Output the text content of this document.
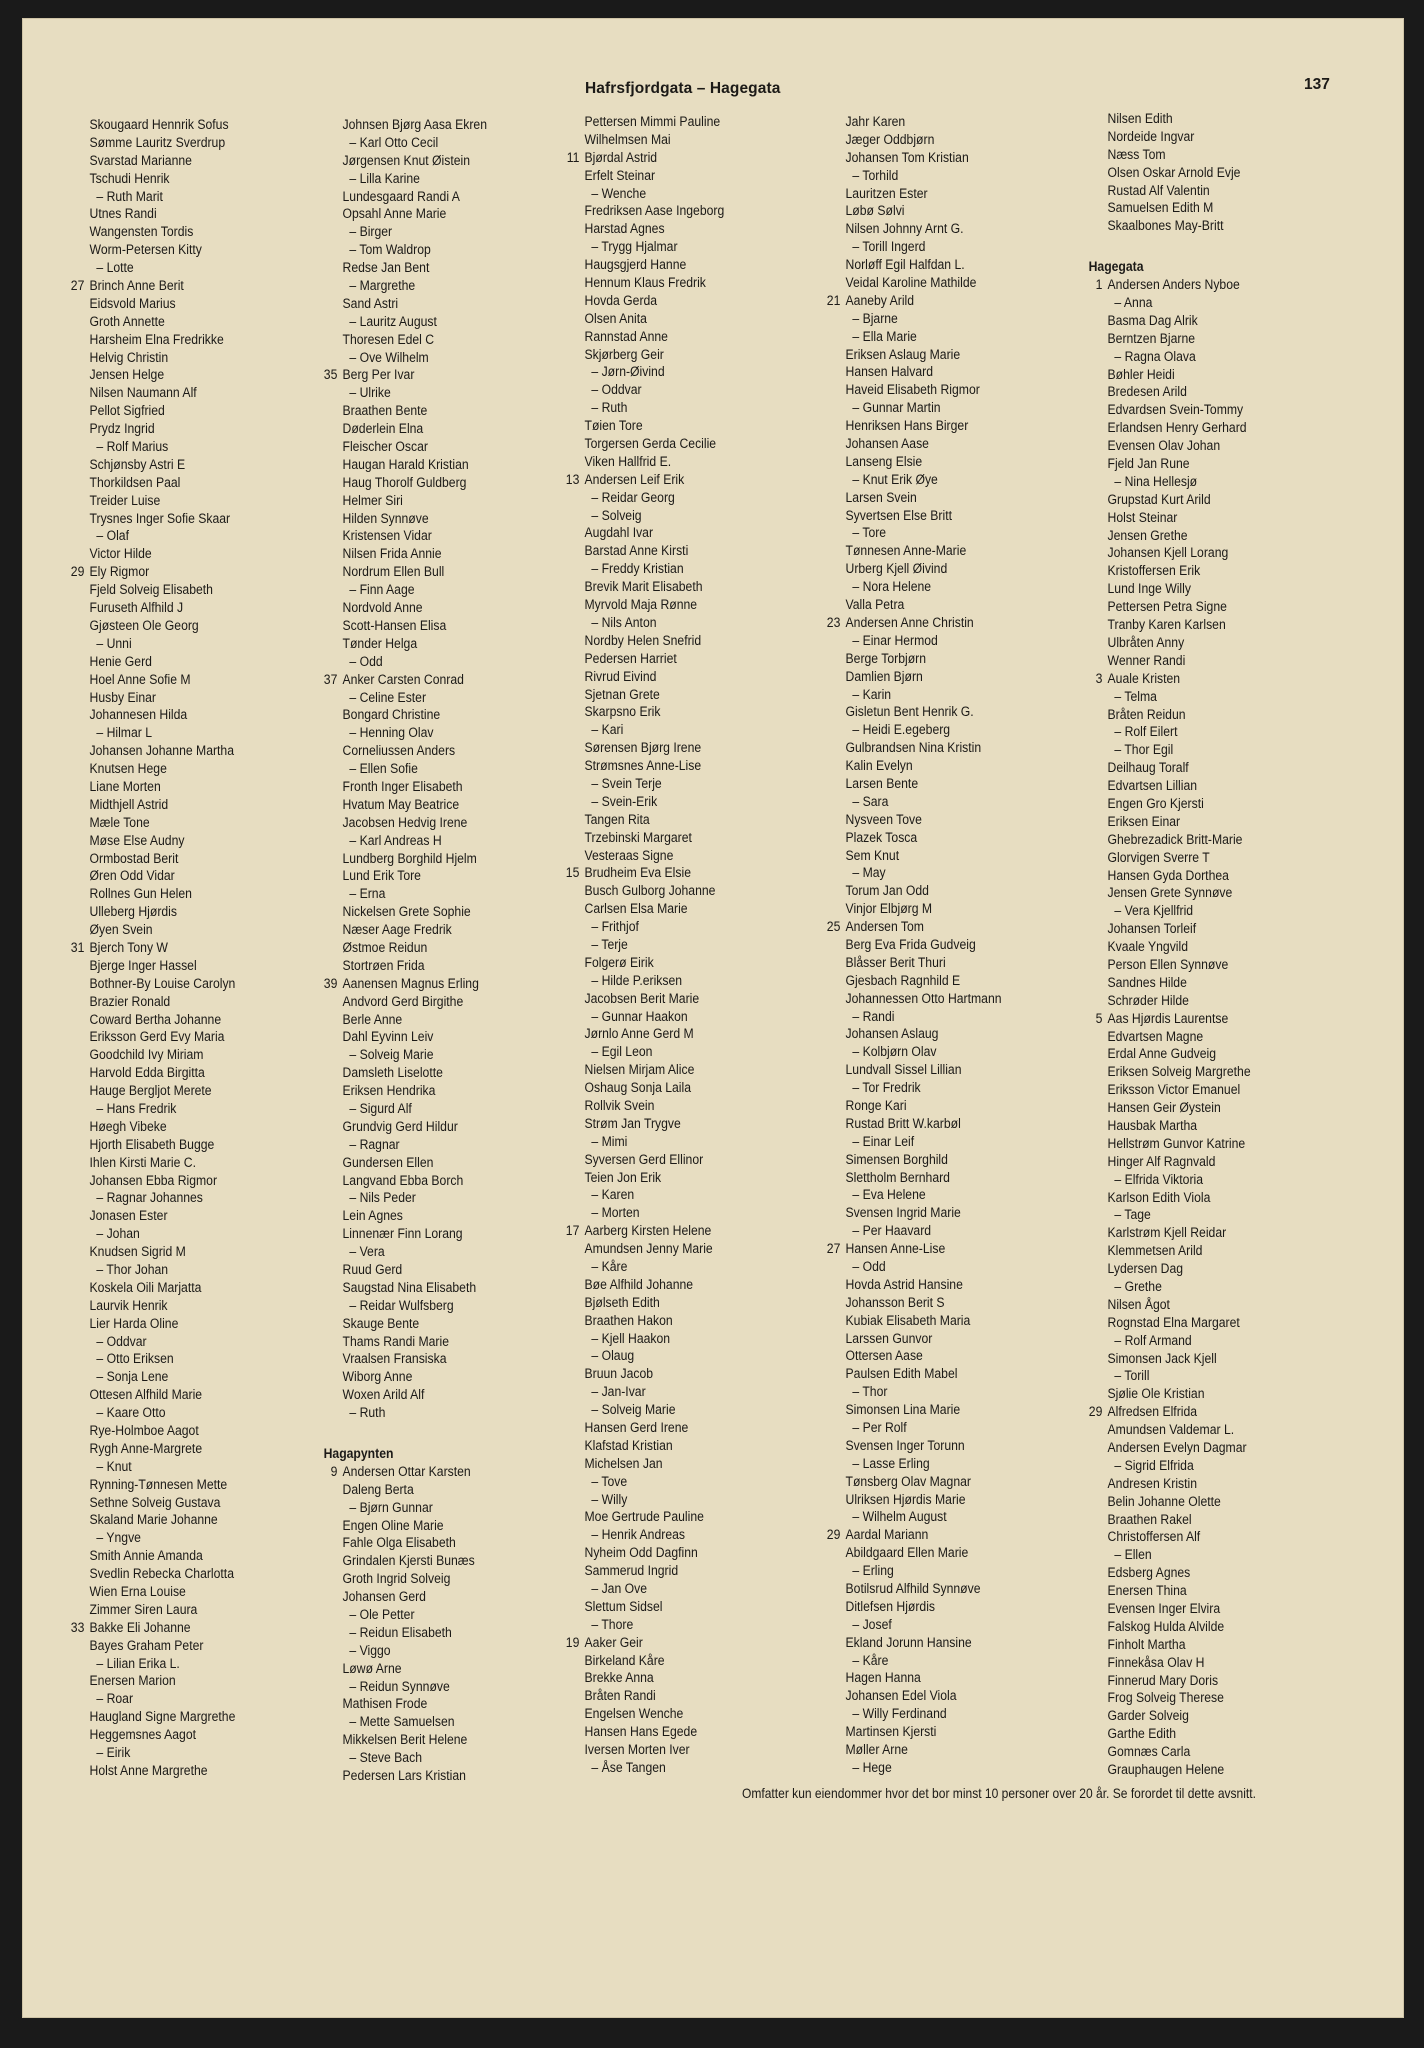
Hafrsfjordgata – Hagegata	137
Skougaard Hennrik Sofus
Sømme Lauritz Sverdrup
Svarstad Marianne
Tschudi Henrik
– Ruth Marit
Utnes Randi
Wangensten Tordis
Worm-Petersen Kitty
– Lotte
27 Brinch Anne Berit
Eidsvold Marius
Groth Annette
Harsheim Elna Fredrikke
Helvig Christin
Jensen Helge
Nilsen Naumann Alf
Pellot Sigfried
Prydz Ingrid
– Rolf Marius
Schjønsby Astri E
Thorkildsen Paal
Treider Luise
Trysnes Inger Sofie Skaar
– Olaf
Victor Hilde
29 Ely Rigmor
Fjeld Solveig Elisabeth
Furuseth Alfhild J
Gjøsteen Ole Georg
– Unni
Henie Gerd
Hoel Anne Sofie M
Husby Einar
Johannesen Hilda
– Hilmar L
Johansen Johanne Martha
Knutsen Hege
Liane Morten
Midthjell Astrid
Mæle Tone
Møse Else Audny
Ormbostad Berit
Øren Odd Vidar
Rollnes Gun Helen
Ulleberg Hjørdis
Øyen Svein
31 Bjerch Tony W
Bjerge Inger Hassel
Bothner-By Louise Carolyn
Brazier Ronald
Coward Bertha Johanne
Eriksson Gerd Evy Maria
Goodchild Ivy Miriam
Harvold Edda Birgitta
Hauge Bergljot Merete
– Hans Fredrik
Høegh Vibeke
Hjorth Elisabeth Bugge
Ihlen Kirsti Marie C.
Johansen Ebba Rigmor
– Ragnar Johannes
Jonasen Ester
– Johan
Knudsen Sigrid M
– Thor Johan
Koskela Oili Marjatta
Laurvik Henrik
Lier Harda Oline
– Oddvar
– Otto Eriksen
– Sonja Lene
Ottesen Alfhild Marie
– Kaare Otto
Rye-Holmboe Aagot
Rygh Anne-Margrete
– Knut
Rynning-Tønnesen Mette
Sethne Solveig Gustava
Skaland Marie Johanne
– Yngve
Smith Annie Amanda
Svedlin Rebecka Charlotta
Wien Erna Louise
Zimmer Siren Laura
33 Bakke Eli Johanne
Bayes Graham Peter
– Lilian Erika L.
Enersen Marion
– Roar
Haugland Signe Margrethe
Heggemsnes Aagot
– Eirik
Holst Anne Margrethe
Johnsen Bjørg Aasa Ekren
– Karl Otto Cecil
Jørgensen Knut Øistein
– Lilla Karine
Lundesgaard Randi A
Opsahl Anne Marie
– Birger
– Tom Waldrop
Redse Jan Bent
– Margrethe
Sand Astri
– Lauritz August
Thoresen Edel C
– Ove Wilhelm
35 Berg Per Ivar
– Ulrike
Braathen Bente
Døderlein Elna
Fleischer Oscar
Haugan Harald Kristian
Haug Thorolf Guldberg
Helmer Siri
Hilden Synnøve
Kristensen Vidar
Nilsen Frida Annie
Nordrum Ellen Bull
– Finn Aage
Nordvold Anne
Scott-Hansen Elisa
Tønder Helga
– Odd
37 Anker Carsten Conrad
– Celine Ester
Bongard Christine
– Henning Olav
Corneliussen Anders
– Ellen Sofie
Fronth Inger Elisabeth
Hvatum May Beatrice
Jacobsen Hedvig Irene
– Karl Andreas H
Lundberg Borghild Hjelm
Lund Erik Tore
– Erna
Nickelsen Grete Sophie
Næser Aage Fredrik
Østmoe Reidun
Stortrøen Frida
39 Aanensen Magnus Erling
Andvord Gerd Birgithe
Berle Anne
Dahl Eyvinn Leiv
– Solveig Marie
Damsleth Liselotte
Eriksen Hendrika
– Sigurd Alf
Grundvig Gerd Hildur
– Ragnar
Gundersen Ellen
Langvand Ebba Borch
– Nils Peder
Lein Agnes
Linnenær Finn Lorang
– Vera
Ruud Gerd
Saugstad Nina Elisabeth
– Reidar Wulfsberg
Skauge Bente
Thams Randi Marie
Vraalsen Fransiska
Wiborg Anne
Woxen Arild Alf
– Ruth
Hagapynten
9 Andersen Ottar Karsten
Daleng Berta
– Bjørn Gunnar
Engen Oline Marie
Fahle Olga Elisabeth
Grindalen Kjersti Bunæs
Groth Ingrid Solveig
Johansen Gerd
– Ole Petter
– Reidun Elisabeth
– Viggo
Løwø Arne
– Reidun Synnøve
Mathisen Frode
– Mette Samuelsen
Mikkelsen Berit Helene
– Steve Bach
Pedersen Lars Kristian
Pettersen Mimmi Pauline
Wilhelmsen Mai
11 Bjørdal Astrid
Erfelt Steinar
– Wenche
Fredriksen Aase Ingeborg
Harstad Agnes
– Trygg Hjalmar
Haugsgjerd Hanne
Hennum Klaus Fredrik
Hovda Gerda
Olsen Anita
Rannstad Anne
Skjørberg Geir
– Jørn-Øivind
– Oddvar
– Ruth
Tøien Tore
Torgersen Gerda Cecilie
Viken Hallfrid E.
13 Andersen Leif Erik
– Reidar Georg
– Solveig
Augdahl Ivar
Barstad Anne Kirsti
– Freddy Kristian
Brevik Marit Elisabeth
Myrvold Maja Rønne
– Nils Anton
Nordby Helen Snefrid
Pedersen Harriet
Rivrud Eivind
Sjetnan Grete
Skarpsno Erik
– Kari
Sørensen Bjørg Irene
Strømsnes Anne-Lise
– Svein Terje
– Svein-Erik
Tangen Rita
Trzebinski Margaret
Vesteraas Signe
15 Brudheim Eva Elsie
Busch Gulborg Johanne
Carlsen Elsa Marie
– Frithjof
– Terje
Folgerø Eirik
– Hilde P.eriksen
Jacobsen Berit Marie
– Gunnar Haakon
Jørnlo Anne Gerd M
– Egil Leon
Nielsen Mirjam Alice
Oshaug Sonja Laila
Rollvik Svein
Strøm Jan Trygve
– Mimi
Syversen Gerd Ellinor
Teien Jon Erik
– Karen
– Morten
17 Aarberg Kirsten Helene
Amundsen Jenny Marie
– Kåre
Bøe Alfhild Johanne
Bjølseth Edith
Braathen Hakon
– Kjell Haakon
– Olaug
Bruun Jacob
– Jan-Ivar
– Solveig Marie
Hansen Gerd Irene
Klafstad Kristian
Michelsen Jan
– Tove
– Willy
Moe Gertrude Pauline
– Henrik Andreas
Nyheim Odd Dagfinn
Sammerud Ingrid
– Jan Ove
Slettum Sidsel
– Thore
19 Aaker Geir
Birkeland Kåre
Brekke Anna
Bråten Randi
Engelsen Wenche
Hansen Hans Egede
Iversen Morten Iver
– Åse Tangen
Jahr Karen
Jæger Oddbjørn
Johansen Tom Kristian
– Torhild
Lauritzen Ester
Løbø Sølvi
Nilsen Johnny Arnt G.
– Torill Ingerd
Norløff Egil Halfdan L.
Veidal Karoline Mathilde
21 Aaneby Arild
– Bjarne
– Ella Marie
Eriksen Aslaug Marie
Hansen Halvard
Haveid Elisabeth Rigmor
– Gunnar Martin
Henriksen Hans Birger
Johansen Aase
Lanseng Elsie
– Knut Erik Øye
Larsen Svein
Syvertsen Else Britt
– Tore
Tønnesen Anne-Marie
Urberg Kjell Øivind
– Nora Helene
Valla Petra
23 Andersen Anne Christin
– Einar Hermod
Berge Torbjørn
Damlien Bjørn
– Karin
Gisletun Bent Henrik G.
– Heidi E.egeberg
Gulbrandsen Nina Kristin
Kalin Evelyn
Larsen Bente
– Sara
Nysveen Tove
Plazek Tosca
Sem Knut
– May
Torum Jan Odd
Vinjor Elbjørg M
25 Andersen Tom
Berg Eva Frida Gudveig
Blåsser Berit Thuri
Gjesbach Ragnhild E
Johannessen Otto Hartmann
– Randi
Johansen Aslaug
– Kolbjørn Olav
Lundvall Sissel Lillian
– Tor Fredrik
Ronge Kari
Rustad Britt W.karbøl
– Einar Leif
Simensen Borghild
Slettholm Bernhard
– Eva Helene
Svensen Ingrid Marie
– Per Haavard
27 Hansen Anne-Lise
– Odd
Hovda Astrid Hansine
Johansson Berit S
Kubiak Elisabeth Maria
Larssen Gunvor
Ottersen Aase
Paulsen Edith Mabel
– Thor
Simonsen Lina Marie
– Per Rolf
Svensen Inger Torunn
– Lasse Erling
Tønsberg Olav Magnar
Ulriksen Hjørdis Marie
– Wilhelm August
29 Aardal Mariann
Abildgaard Ellen Marie
– Erling
Botilsrud Alfhild Synnøve
Ditlefsen Hjørdis
– Josef
Ekland Jorunn Hansine
– Kåre
Hagen Hanna
Johansen Edel Viola
– Willy Ferdinand
Martinsen Kjersti
Møller Arne
– Hege
Nilsen Edith
Nordeide Ingvar
Næss Tom
Olsen Oskar Arnold Evje
Rustad Alf Valentin
Samuelsen Edith M
Skaalbones May-Britt
Hagegata
1 Andersen Anders Nyboe
– Anna
Basma Dag Alrik
Berntzen Bjarne
– Ragna Olava
Bøhler Heidi
Bredesen Arild
Edvardsen Svein-Tommy
Erlandsen Henry Gerhard
Evensen Olav Johan
Fjeld Jan Rune
– Nina Hellesjø
Grupstad Kurt Arild
Holst Steinar
Jensen Grethe
Johansen Kjell Lorang
Kristoffersen Erik
Lund Inge Willy
Pettersen Petra Signe
Tranby Karen Karlsen
Ulbråten Anny
Wenner Randi
3 Auale Kristen
– Telma
Bråten Reidun
– Rolf Eilert
– Thor Egil
Deilhaug Toralf
Edvartsen Lillian
Engen Gro Kjersti
Eriksen Einar
Ghebrezadick Britt-Marie
Glorvigen Sverre T
Hansen Gyda Dorthea
Jensen Grete Synnøve
– Vera Kjellfrid
Johansen Torleif
Kvaale Yngvild
Person Ellen Synnøve
Sandnes Hilde
Schrøder Hilde
5 Aas Hjørdis Laurentse
Edvartsen Magne
Erdal Anne Gudveig
Eriksen Solveig Margrethe
Eriksson Victor Emanuel
Hansen Geir Øystein
Hausbak Martha
Hellstrøm Gunvor Katrine
Hinger Alf Ragnvald
– Elfrida Viktoria
Karlson Edith Viola
– Tage
Karlstrøm Kjell Reidar
Klemmetsen Arild
Lydersen Dag
– Grethe
Nilsen Ågot
Rognstad Elna Margaret
– Rolf Armand
Simonsen Jack Kjell
– Torill
Sjølie Ole Kristian
29 Alfredsen Elfrida
Amundsen Valdemar L.
Andersen Evelyn Dagmar
– Sigrid Elfrida
Andresen Kristin
Belin Johanne Olette
Braathen Rakel
Christoffersen Alf
– Ellen
Edsberg Agnes
Enersen Thina
Evensen Inger Elvira
Falskog Hulda Alvilde
Finholt Martha
Finnekåsa Olav H
Finnerud Mary Doris
Frog Solveig Therese
Garder Solveig
Garthe Edith
Gomnæs Carla
Grauphaugen Helene
Omfatter kun eiendommer hvor det bor minst 10 personer over 20 år. Se forordet til dette avsnitt.
